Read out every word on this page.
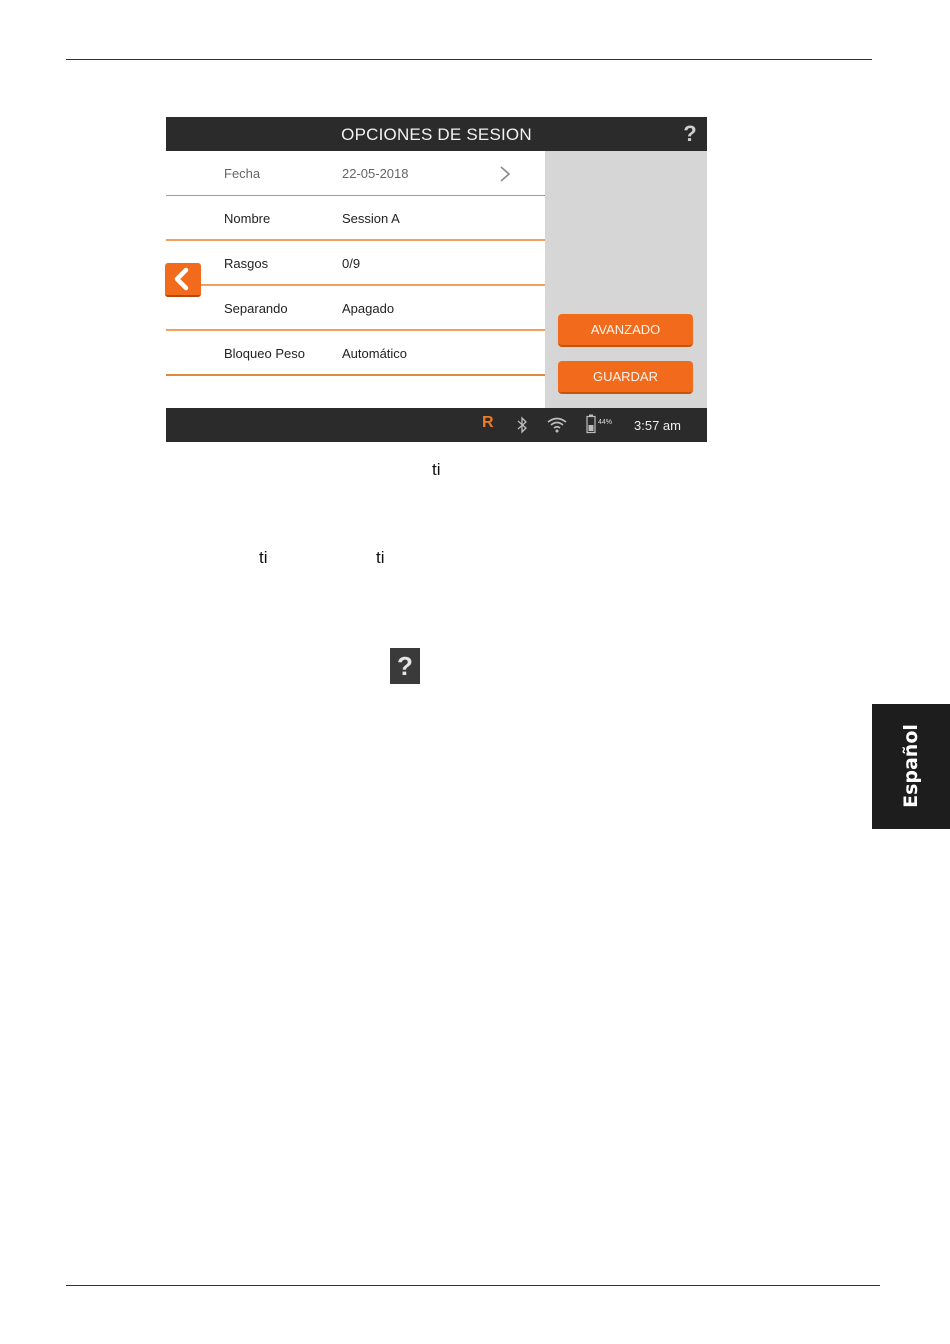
OPCIONES DE SESION	?
Fecha	22-05-2018
Nombre	Session A
Rasgos	0/9
Separando	Apagado
Bloqueo Peso	Automático
AVANZADO
GUARDAR
R	44% 3:57 am
ti
ti	ti
?
Español
